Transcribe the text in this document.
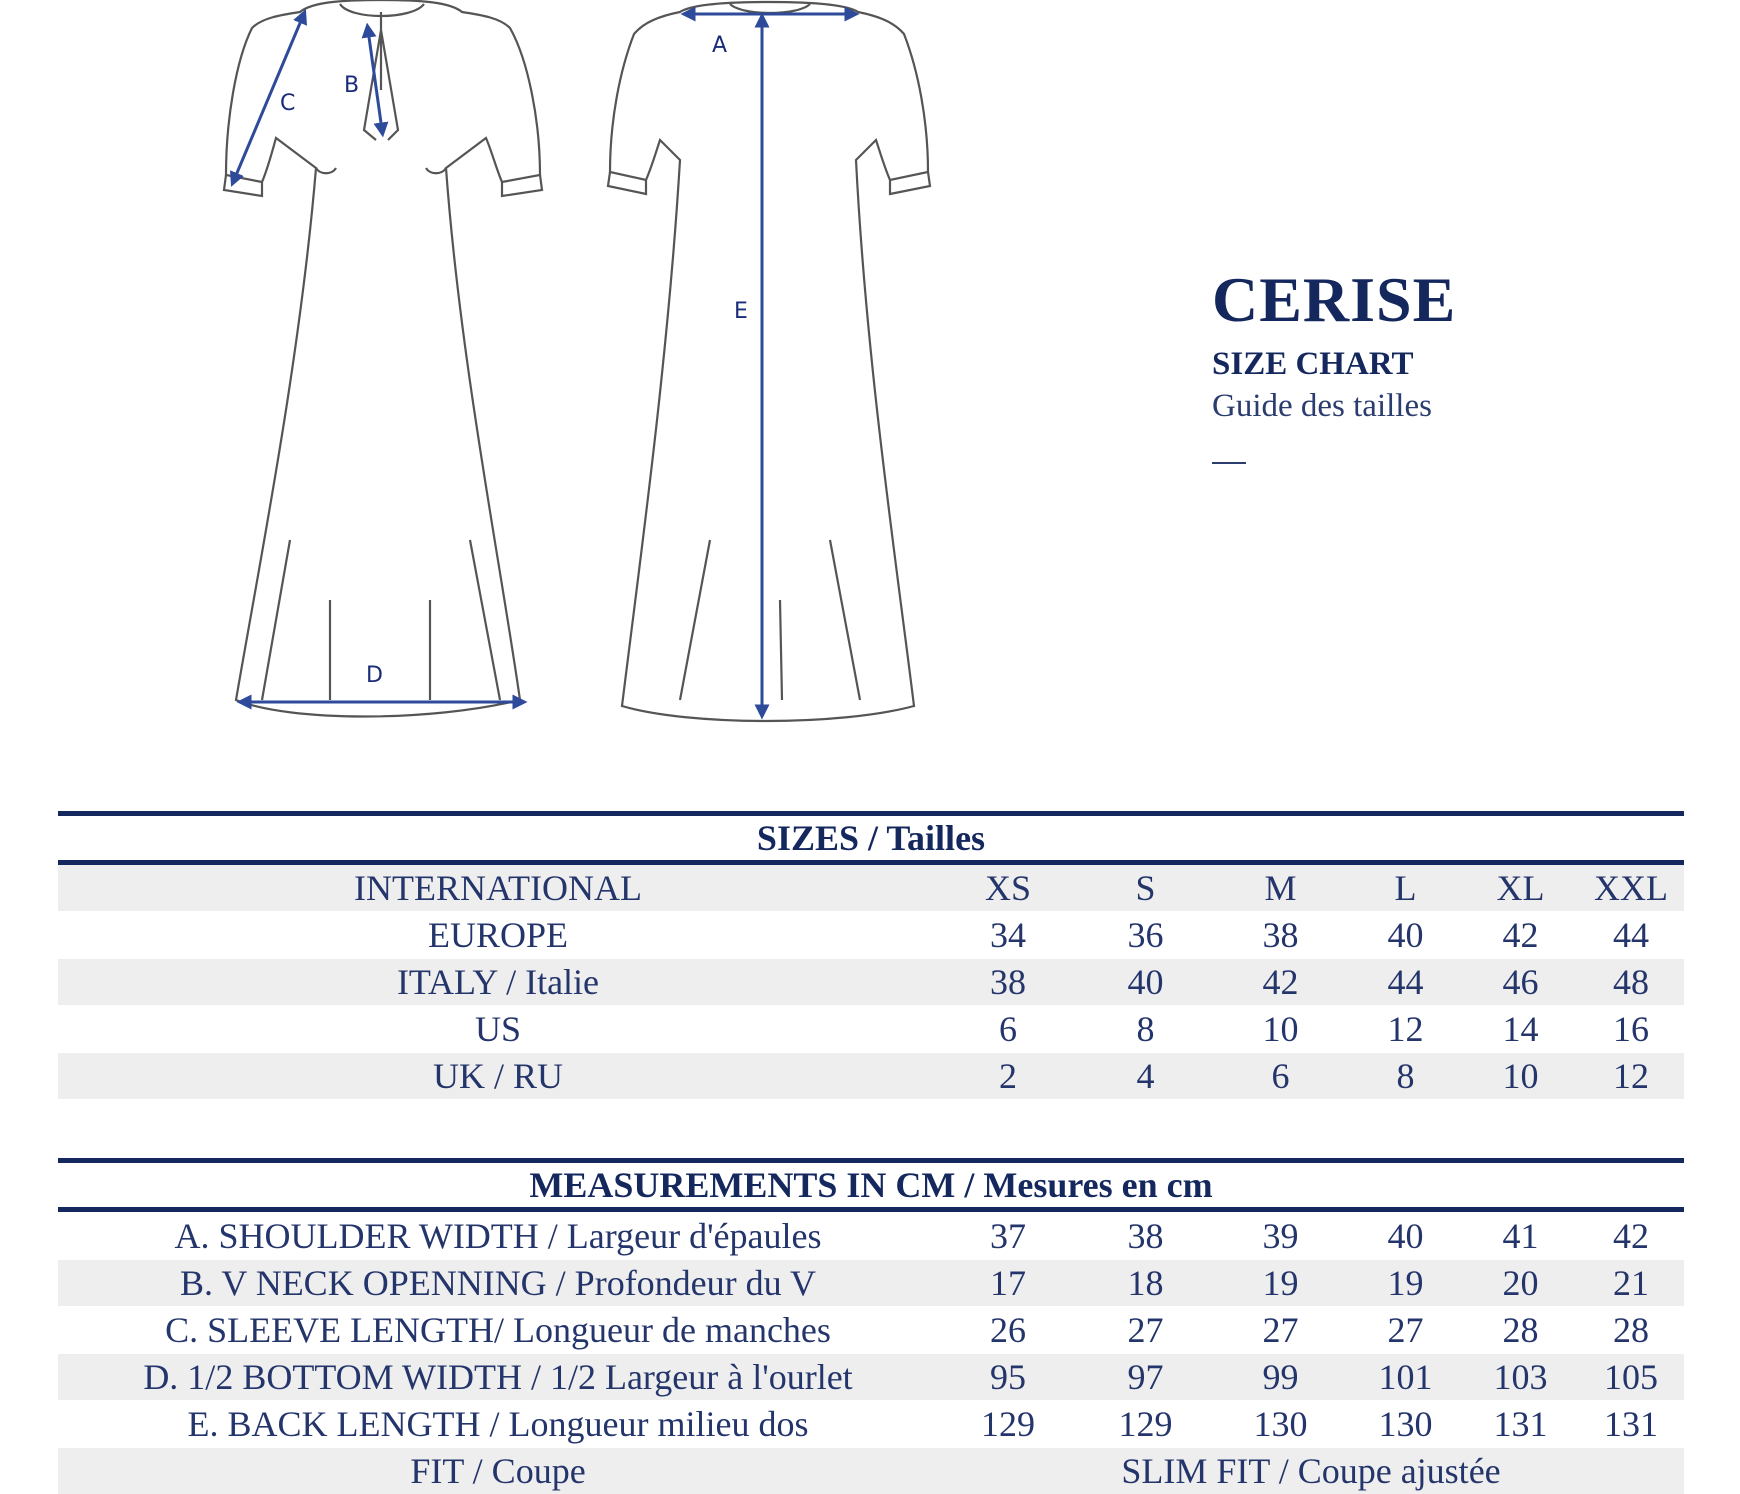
C
B
D
A
E	CERISE
SIZE CHART
Guide des tailles
SIZES / Tailles
INTERNATIONAL	XS	S	M	L	XL	XXL
EUROPE	34	36	38	40	42	44
ITALY / Italie	38	40	42	44	46	48
US	6	8	10	12	14	16
UK / RU	2	4	6	8	10	12
MEASUREMENTS IN CM / Mesures en cm
A. SHOULDER WIDTH / Largeur d'épaules	37	38	39	40	41	42
B. V NECK OPENNING / Profondeur du V	17	18	19	19	20	21
C. SLEEVE LENGTH/ Longueur de manches	26	27	27	27	28	28
D. 1/2 BOTTOM WIDTH / 1/2 Largeur à l'ourlet	95	97	99	101	103	105
E. BACK LENGTH / Longueur milieu dos	129	129	130	130	131	131
FIT / Coupe	SLIM FIT / Coupe ajustée
